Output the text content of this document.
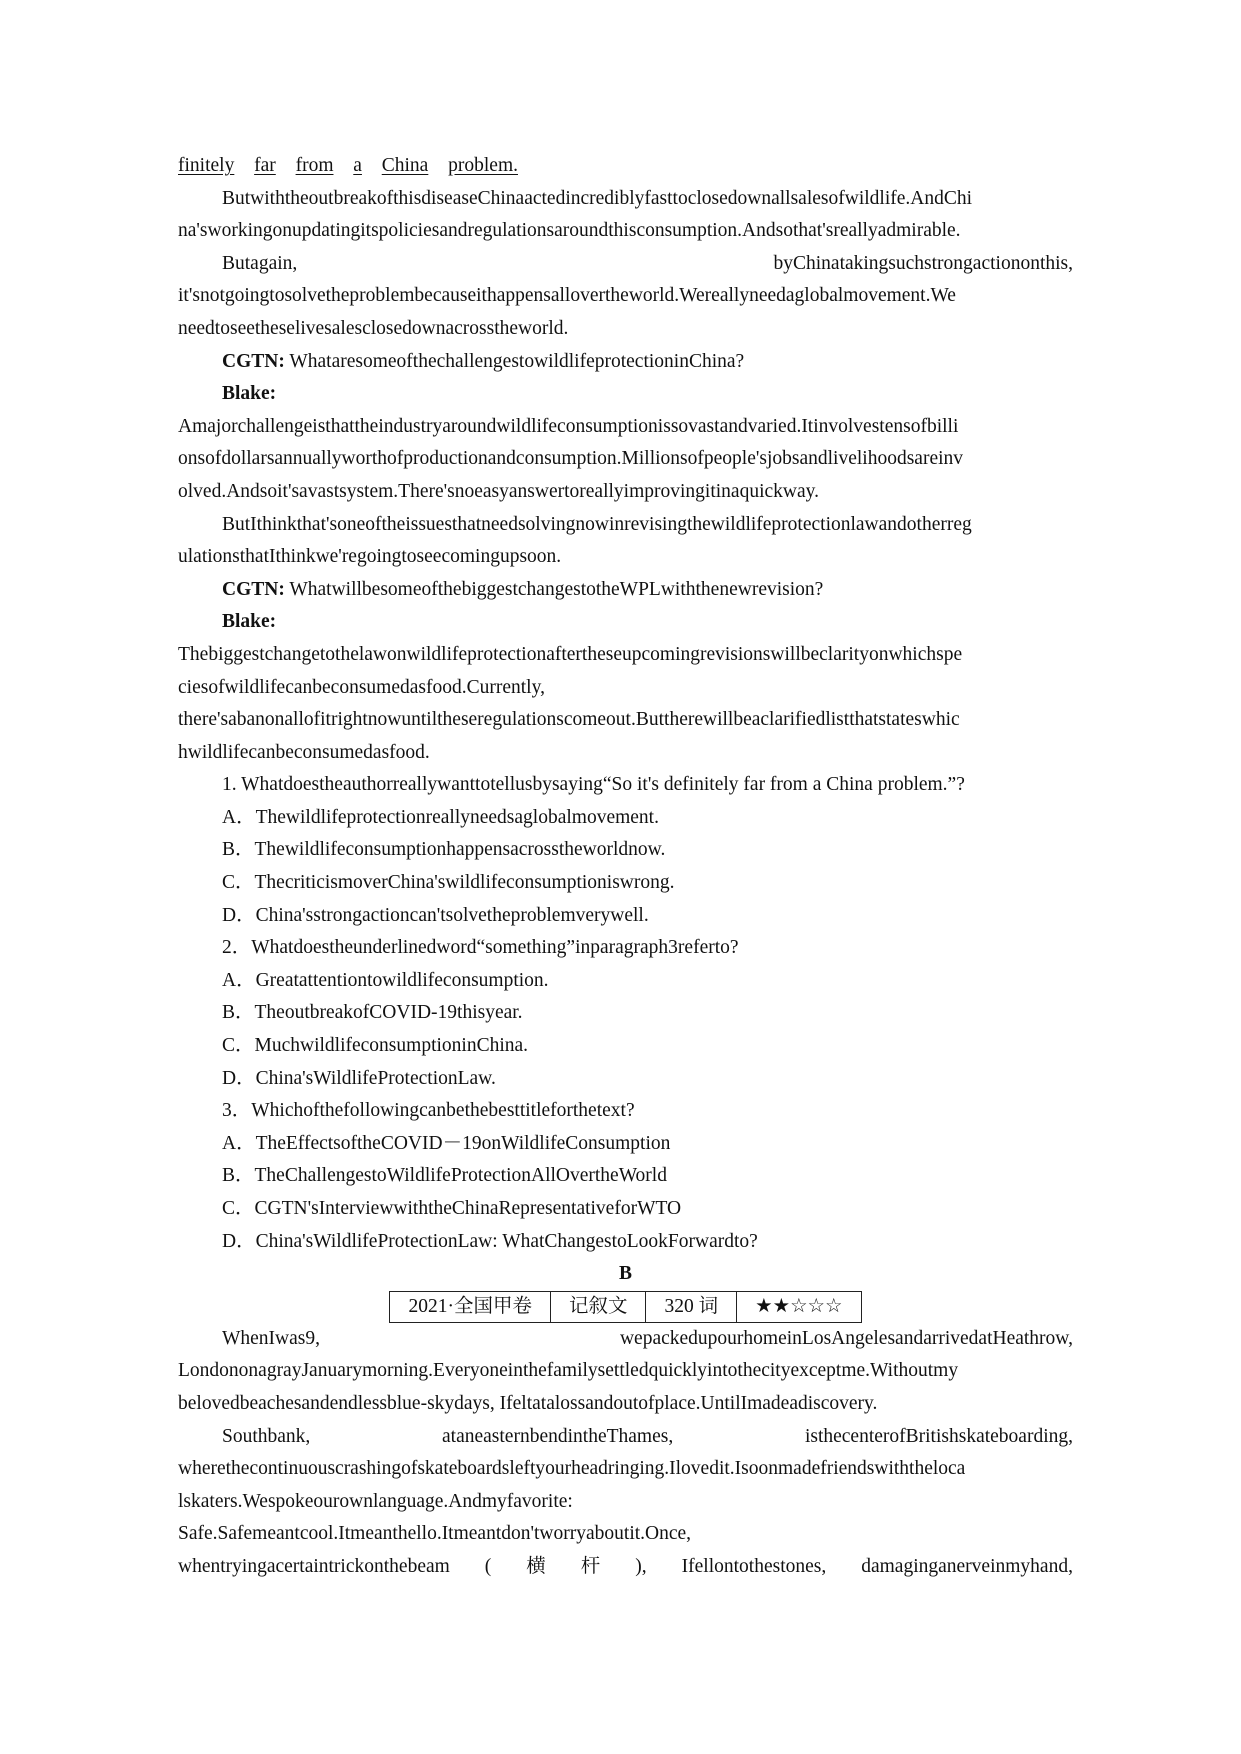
finitely far from a China problem.
ButwiththeoutbreakofthisdiseaseChinaactedincrediblyfasttoclosedownallsalesofwildlife.AndChi
na'sworkingonupdatingitspoliciesandregulationsaroundthisconsumption.Andsothat'sreallyadmirable.
Butagain,	byChinatakingsuchstrongactiononthis,
it'snotgoingtosolvetheproblembecauseithappensalloverthe​world.Wereallyneedaglobalmovement.We
needtoseetheselivesalesclosedownacrosstheworld.
CGTN: Whataresomeofthechallengestowildlifeprotectionin​China?
Blake:
Amajorchallengeisthattheindustryaroundwildlifeconsumptionissovastandvaried.Itinvolvestensofbilli
onsofdollarsannuallyworthofproductionandconsumption.Millionsofpeople'sjobsandlivelihoodsareinv
olved.Andsoit'savastsystem.There'snoeasyanswertoreallyimprovingitinaquickway.
ButIthinkthat'soneoftheissuesthatneedsolvingnowinrevisingthewildlifeprotectionlawandotherreg
ulationsthatIthinkwe'regoingtoseecomingupsoon.
CGTN: WhatwillbesomeofthebiggestchangestotheWPLwiththenewrevision?
Blake:
Thebiggestchangetothelawonwildlifeprotectionaftertheseupcomingrevisionswillbeclarityonwhichspe
ciesofwildlifecanbeconsumedasfood.Currently,
there'sabanonallofitrightnowuntiltheseregulationscomeout.Buttherewillbeaclarifiedlistthatstateswhic
hwildlifecanbeconsumedasfood.
1. Whatdoestheauthorreallywanttotellusbysaying“So it's definitely far from a China problem.”?
A．Thewildlifeprotectionreallyneedsaglobalmovement.
B．Thewildlifeconsumptionhappensacrosstheworldnow.
C．ThecriticismoverChina'swildlifeconsumptioniswrong.
D．China'sstrongactioncan'tsolvetheproblemverywell.
2．Whatdoestheunderlinedword“something”inparagraph3referto?
A．Greatattentiontowildlifeconsumption.
B．TheoutbreakofCOVID-19thisyear.
C．MuchwildlifeconsumptioninChina.
D．China'sWildlifeProtectionLaw.
3．Whichofthefollowingcanbethebesttitleforthetext?
A．TheEffectsoftheCOVID－19onWildlifeConsumption
B．TheChallengestoWildlifeProtectionAllOvertheWorld
C．CGTN'sInterviewwiththeChinaRepresentativeforWTO
D．China'sWildlifeProtectionLaw: WhatChangestoLookForwardto?
B
2021·全国甲卷	记叙文	320 词	★★☆☆☆
WhenIwas9,	wepackedupourhomeinLosAngelesandarrivedatHeathrow,
LondononagrayJanuarymorning.Everyoneinthefamilysettledquicklyintothecityexceptme.Withoutmy
belovedbeachesandendlessblue-skydays, Ifeltatalossandoutofplace.UntilImadeadiscovery.
Southbank,	ataneasternbendintheThames,	isthecenterofBritishskateboarding,
wherethecontinuouscrashingofskateboardsleftyourheadringing.Ilovedit.Isoonmadefriendswiththeloca
lskaters.Wespokeourownlanguage.Andmyfavorite:
Safe.Safemeantcool.Itmeanthello.Itmeantdon'tworryaboutit.Once,
whentryingacertaintrickonthebeam ( 横 杆 ), Ifellontothestones, damaginganerveinmyhand,
